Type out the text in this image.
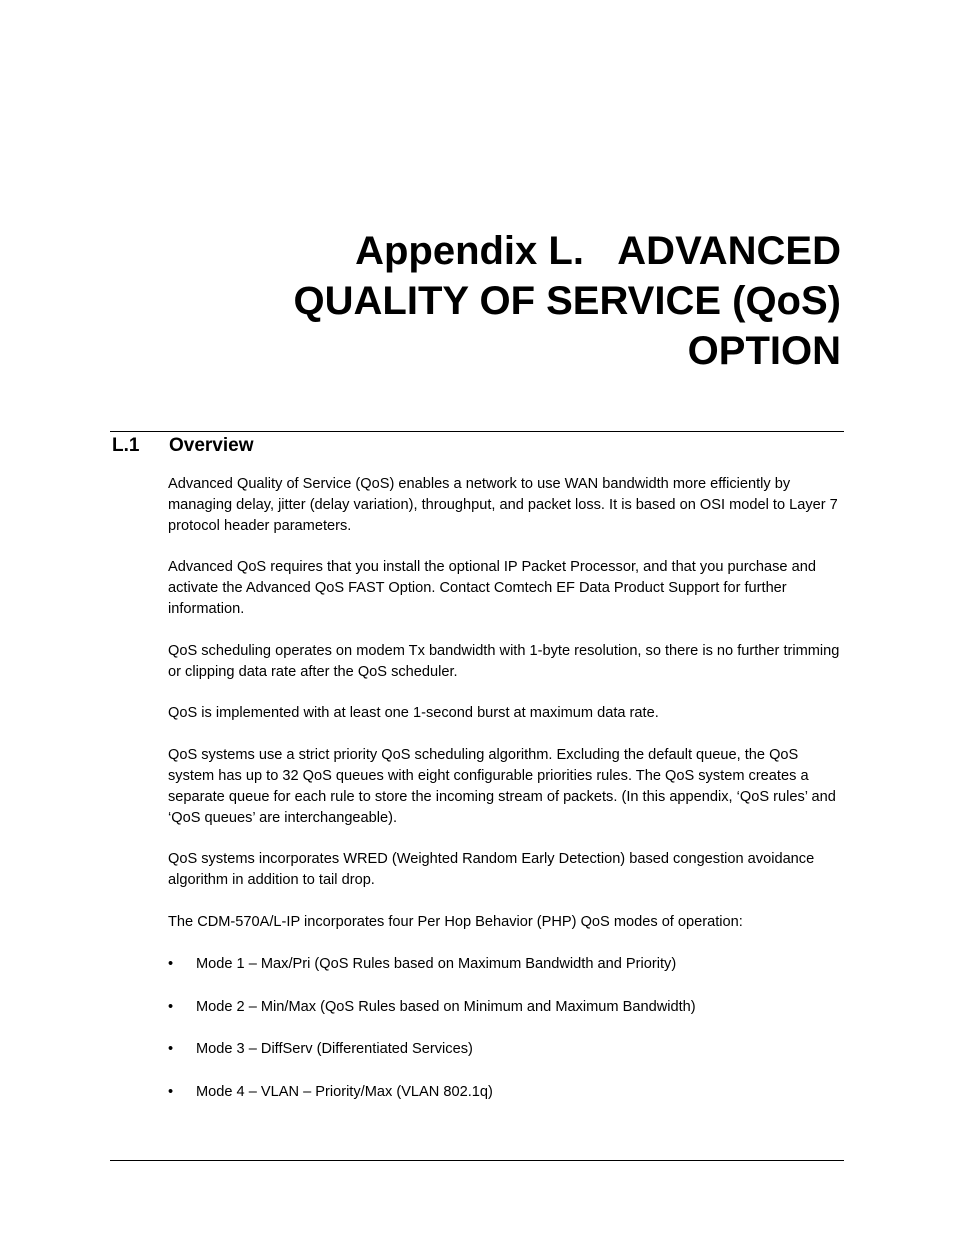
Appendix L.   ADVANCED
QUALITY OF SERVICE (QoS)
OPTION
L.1 Overview

Advanced Quality of Service (QoS) enables a network to use WAN bandwidth more efficiently by managing delay, jitter (delay variation), throughput, and packet loss. It is based on OSI model to Layer 7 protocol header parameters.

Advanced QoS requires that you install the optional IP Packet Processor, and that you purchase and activate the Advanced QoS FAST Option. Contact Comtech EF Data Product Support for further information.

QoS scheduling operates on modem Tx bandwidth with 1-byte resolution, so there is no further trimming or clipping data rate after the QoS scheduler.

QoS is implemented with at least one 1-second burst at maximum data rate.

QoS systems use a strict priority QoS scheduling algorithm. Excluding the default queue, the QoS system has up to 32 QoS queues with eight configurable priorities rules. The QoS system creates a separate queue for each rule to store the incoming stream of packets. (In this appendix, ‘QoS rules’ and ‘QoS queues’ are interchangeable).

QoS systems incorporates WRED (Weighted Random Early Detection) based congestion avoidance algorithm in addition to tail drop.

The CDM-570A/L-IP incorporates four Per Hop Behavior (PHP) QoS modes of operation:

•	Mode 1 – Max/Pri (QoS Rules based on Maximum Bandwidth and Priority)
•	Mode 2 – Min/Max (QoS Rules based on Minimum and Maximum Bandwidth)
•	Mode 3 – DiffServ (Differentiated Services)
•	Mode 4 – VLAN – Priority/Max (VLAN 802.1q)
